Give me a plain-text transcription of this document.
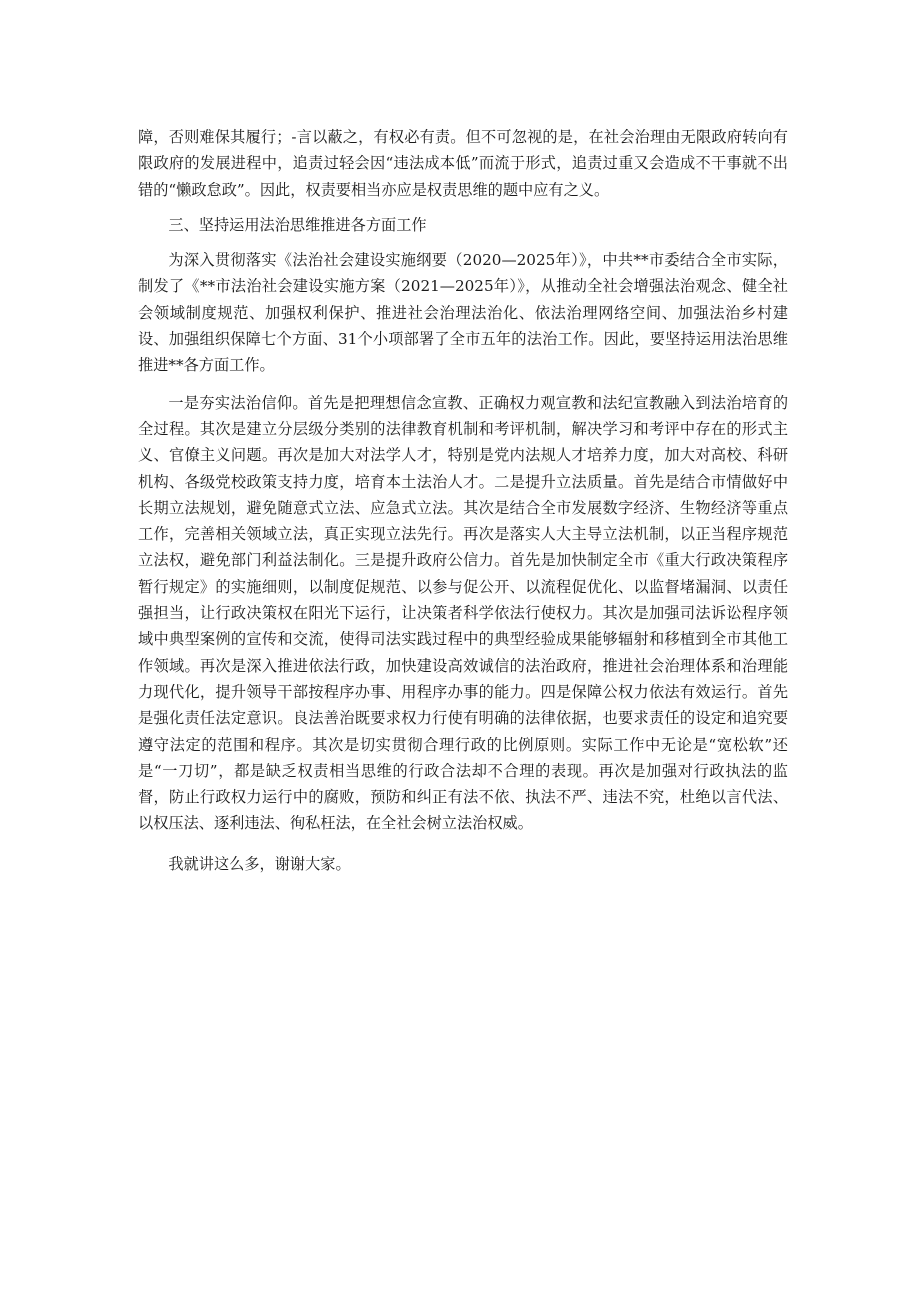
障，否则难保其履行；-言以蔽之，有权必有责。但不可忽视的是，在社会治理由无限政府转向有限政府的发展进程中，追责过轻会因“违法成本低”而流于形式，追责过重又会造成不干事就不出错的“懒政怠政”。因此，权责要相当亦应是权责思维的题中应有之义。

三、坚持运用法治思维推进各方面工作

为深入贯彻落实《法治社会建设实施纲要（2020—2025年）》，中共**市委结合全市实际，制发了《**市法治社会建设实施方案（2021—2025年）》，从推动全社会增强法治观念、健全社会领域制度规范、加强权利保护、推进社会治理法治化、依法治理网络空间、加强法治乡村建设、加强组织保障七个方面、31个小项部署了全市五年的法治工作。因此，要坚持运用法治思维推进**各方面工作。

一是夯实法治信仰。首先是把理想信念宣教、正确权力观宣教和法纪宣教融入到法治培育的全过程。其次是建立分层级分类别的法律教育机制和考评机制，解决学习和考评中存在的形式主义、官僚主义问题。再次是加大对法学人才，特别是党内法规人才培养力度，加大对高校、科研机构、各级党校政策支持力度，培育本土法治人才。二是提升立法质量。首先是结合市情做好中长期立法规划，避免随意式立法、应急式立法。其次是结合全市发展数字经济、生物经济等重点工作，完善相关领域立法，真正实现立法先行。再次是落实人大主导立法机制，以正当程序规范立法权，避免部门利益法制化。三是提升政府公信力。首先是加快制定全市《重大行政决策程序暂行规定》的实施细则，以制度促规范、以参与促公开、以流程促优化、以监督堵漏洞、以责任强担当，让行政决策权在阳光下运行，让决策者科学依法行使权力。其次是加强司法诉讼程序领域中典型案例的宣传和交流，使得司法实践过程中的典型经验成果能够辐射和移植到全市其他工作领域。再次是深入推进依法行政，加快建设高效诚信的法治政府，推进社会治理体系和治理能力现代化，提升领导干部按程序办事、用程序办事的能力。四是保障公权力依法有效运行。首先是强化责任法定意识。良法善治既要求权力行使有明确的法律依据，也要求责任的设定和追究要遵守法定的范围和程序。其次是切实贯彻合理行政的比例原则。实际工作中无论是“宽松软”还是“一刀切”，都是缺乏权责相当思维的行政合法却不合理的表现。再次是加强对行政执法的监督，防止行政权力运行中的腐败，预防和纠正有法不依、执法不严、违法不究，杜绝以言代法、以权压法、逐利违法、徇私枉法，在全社会树立法治权威。

我就讲这么多，谢谢大家。
